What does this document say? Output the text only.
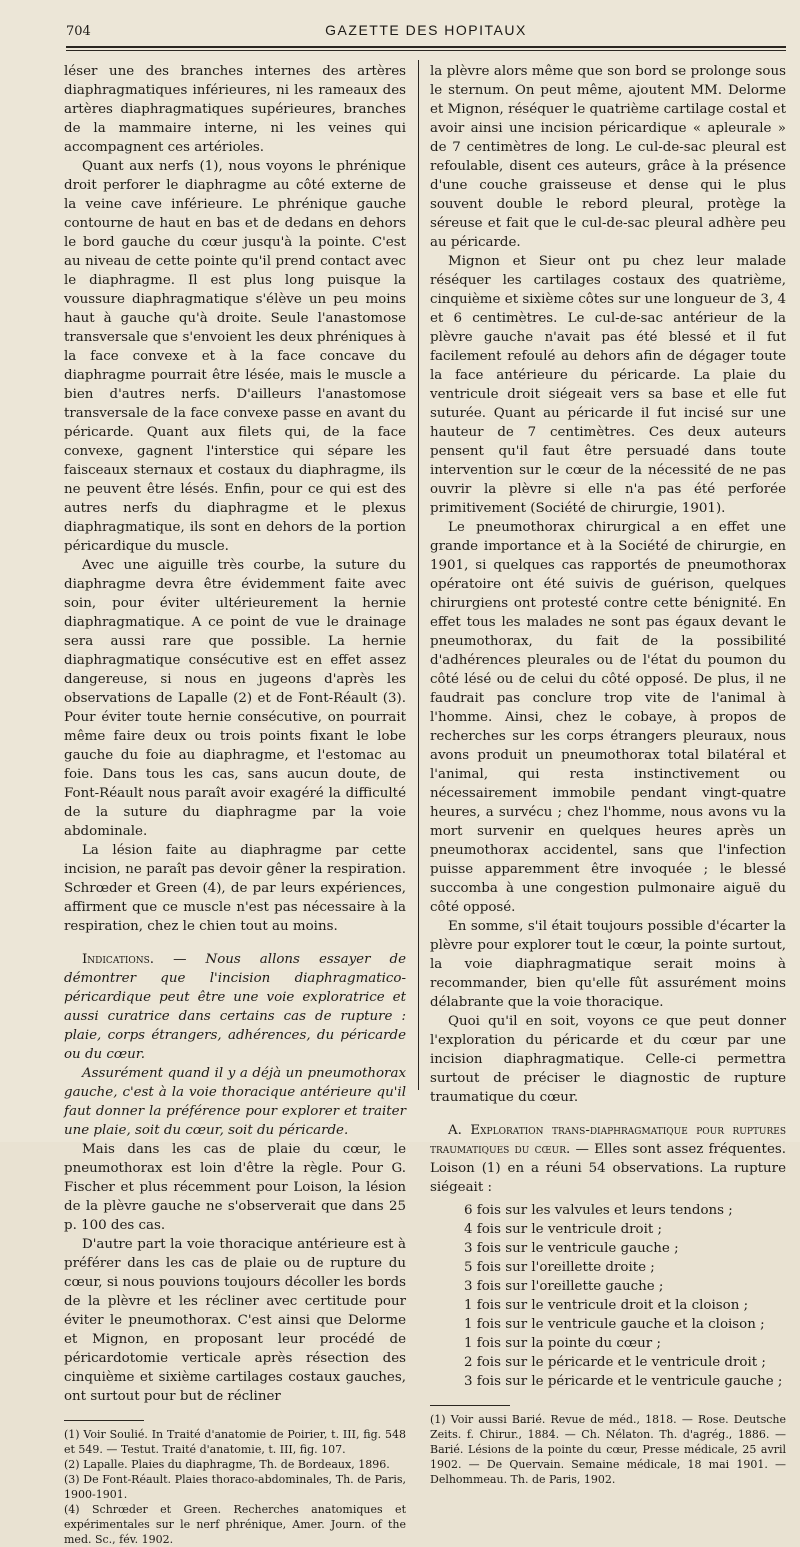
704	GAZETTE DES HOPITAUX

léser une des branches internes des artères diaphragmatiques inférieures, ni les rameaux des artères diaphragmatiques supérieures, branches de la mammaire interne, ni les veines qui accompagnent ces artérioles.

Quant aux nerfs (1), nous voyons le phrénique droit perforer le diaphragme au côté externe de la veine cave inférieure. Le phrénique gauche contourne de haut en bas et de dedans en dehors le bord gauche du cœur jusqu'à la pointe. C'est au niveau de cette pointe qu'il prend contact avec le diaphragme. Il est plus long puisque la voussure diaphragmatique s'élève un peu moins haut à gauche qu'à droite. Seule l'anastomose transversale que s'envoient les deux phréniques à la face convexe et à la face concave du diaphragme pourrait être lésée, mais le muscle a bien d'autres nerfs. D'ailleurs l'anastomose transversale de la face convexe passe en avant du péricarde. Quant aux filets qui, de la face convexe, gagnent l'interstice qui sépare les faisceaux sternaux et costaux du diaphragme, ils ne peuvent être lésés. Enfin, pour ce qui est des autres nerfs du diaphragme et le plexus diaphragmatique, ils sont en dehors de la portion péricardique du muscle.

Avec une aiguille très courbe, la suture du diaphragme devra être évidemment faite avec soin, pour éviter ultérieurement la hernie diaphragmatique. A ce point de vue le drainage sera aussi rare que possible. La hernie diaphragmatique consécutive est en effet assez dangereuse, si nous en jugeons d'après les observations de Lapalle (2) et de Font-Réault (3). Pour éviter toute hernie consécutive, on pourrait même faire deux ou trois points fixant le lobe gauche du foie au diaphragme, et l'estomac au foie. Dans tous les cas, sans aucun doute, de Font-Réault nous paraît avoir exagéré la difficulté de la suture du diaphragme par la voie abdominale.

La lésion faite au diaphragme par cette incision, ne paraît pas devoir gêner la respiration. Schrœder et Green (4), de par leurs expériences, affirment que ce muscle n'est pas nécessaire à la respiration, chez le chien tout au moins.

Indications. — Nous allons essayer de démontrer que l'incision diaphragmatico-péricardique peut être une voie exploratrice et aussi curatrice dans certains cas de rupture : plaie, corps étrangers, adhérences, du péricarde ou du cœur.

Assurément quand il y a déjà un pneumothorax gauche, c'est à la voie thoracique antérieure qu'il faut donner la préférence pour explorer et traiter une plaie, soit du cœur, soit du péricarde.

Mais dans les cas de plaie du cœur, le pneumothorax est loin d'être la règle. Pour G. Fischer et plus récemment pour Loison, la lésion de la plèvre gauche ne s'observerait que dans 25 p. 100 des cas.

D'autre part la voie thoracique antérieure est à préférer dans les cas de plaie ou de rupture du cœur, si nous pouvions toujours décoller les bords de la plèvre et les récliner avec certitude pour éviter le pneumothorax. C'est ainsi que Delorme et Mignon, en proposant leur procédé de péricardotomie verticale après résection des cinquième et sixième cartilages costaux gauches, ont surtout pour but de récliner

(1) Voir Soulié. In Traité d'anatomie de Poirier, t. III, fig. 548 et 549. — Testut. Traité d'anatomie, t. III, fig. 107.

(2) Lapalle. Plaies du diaphragme, Th. de Bordeaux, 1896.

(3) De Font-Réault. Plaies thoraco-abdominales, Th. de Paris, 1900-1901.

(4) Schrœder et Green. Recherches anatomiques et expérimentales sur le nerf phrénique, Amer. Journ. of the med. Sc., fév. 1902.

la plèvre alors même que son bord se prolonge sous le sternum. On peut même, ajoutent MM. Delorme et Mignon, réséquer le quatrième cartilage costal et avoir ainsi une incision péricardique « apleurale » de 7 centimètres de long. Le cul-de-sac pleural est refoulable, disent ces auteurs, grâce à la présence d'une couche graisseuse et dense qui le plus souvent double le rebord pleural, protège la séreuse et fait que le cul-de-sac pleural adhère peu au péricarde.

Mignon et Sieur ont pu chez leur malade réséquer les cartilages costaux des quatrième, cinquième et sixième côtes sur une longueur de 3, 4 et 6 centimètres. Le cul-de-sac antérieur de la plèvre gauche n'avait pas été blessé et il fut facilement refoulé au dehors afin de dégager toute la face antérieure du péricarde. La plaie du ventricule droit siégeait vers sa base et elle fut suturée. Quant au péricarde il fut incisé sur une hauteur de 7 centimètres. Ces deux auteurs pensent qu'il faut être persuadé dans toute intervention sur le cœur de la nécessité de ne pas ouvrir la plèvre si elle n'a pas été perforée primitivement (Société de chirurgie, 1901).

Le pneumothorax chirurgical a en effet une grande importance et à la Société de chirurgie, en 1901, si quelques cas rapportés de pneumothorax opératoire ont été suivis de guérison, quelques chirurgiens ont protesté contre cette bénignité. En effet tous les malades ne sont pas égaux devant le pneumothorax, du fait de la possibilité d'adhérences pleurales ou de l'état du poumon du côté lésé ou de celui du côté opposé. De plus, il ne faudrait pas conclure trop vite de l'animal à l'homme. Ainsi, chez le cobaye, à propos de recherches sur les corps étrangers pleuraux, nous avons produit un pneumothorax total bilatéral et l'animal, qui resta instinctivement ou nécessairement immobile pendant vingt-quatre heures, a survécu ; chez l'homme, nous avons vu la mort survenir en quelques heures après un pneumothorax accidentel, sans que l'infection puisse apparemment être invoquée ; le blessé succomba à une congestion pulmonaire aiguë du côté opposé.

En somme, s'il était toujours possible d'écarter la plèvre pour explorer tout le cœur, la pointe surtout, la voie diaphragmatique serait moins à recommander, bien qu'elle fût assurément moins délabrante que la voie thoracique.

Quoi qu'il en soit, voyons ce que peut donner l'exploration du péricarde et du cœur par une incision diaphragmatique. Celle-ci permettra surtout de préciser le diagnostic de rupture traumatique du cœur.

A. Exploration trans-diaphragmatique pour ruptures traumatiques du cœur. — Elles sont assez fréquentes. Loison (1) en a réuni 54 observations. La rupture siégeait :

6 fois sur les valvules et leurs tendons ;
4 fois sur le ventricule droit ;
3 fois sur le ventricule gauche ;
5 fois sur l'oreillette droite ;
3 fois sur l'oreillette gauche ;
1 fois sur le ventricule droit et la cloison ;
1 fois sur le ventricule gauche et la cloison ;
1 fois sur la pointe du cœur ;
2 fois sur le péricarde et le ventricule droit ;
3 fois sur le péricarde et le ventricule gauche ;

(1) Voir aussi Barié. Revue de méd., 1818. — Rose. Deutsche Zeits. f. Chirur., 1884. — Ch. Nélaton. Th. d'agrég., 1886. — Barié. Lésions de la pointe du cœur, Presse médicale, 25 avril 1902. — De Quervain. Semaine médicale, 18 mai 1901. — Delhommeau. Th. de Paris, 1902.
